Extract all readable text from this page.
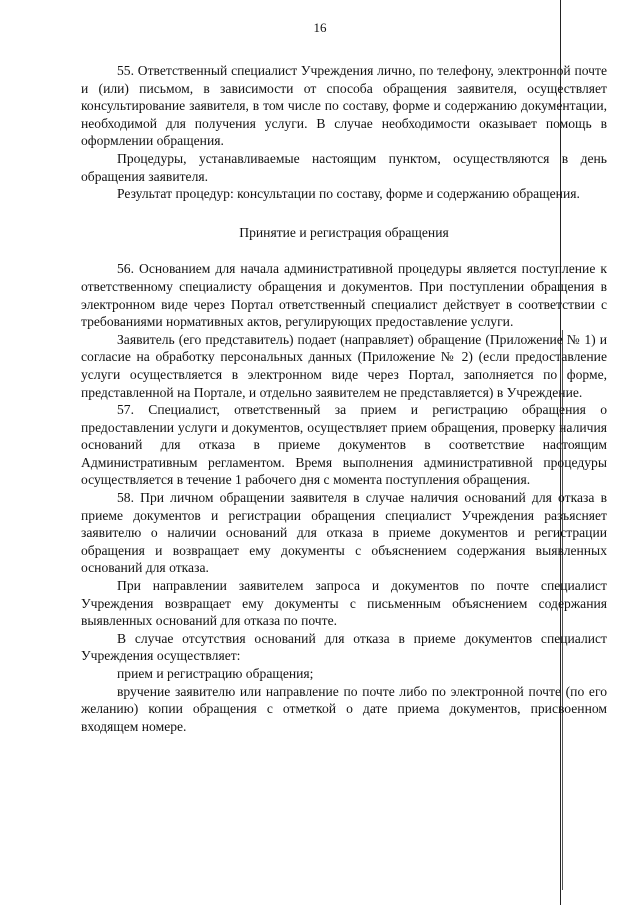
16

55. Ответственный специалист Учреждения лично, по телефону, электронной почте и (или) письмом, в зависимости от способа обращения заявителя, осуществляет консультирование заявителя, в том числе по составу, форме и содержанию документации, необходимой для получения услуги. В случае необходимости оказывает помощь в оформлении обращения.

Процедуры, устанавливаемые настоящим пунктом, осуществляются в день обращения заявителя.

Результат процедур: консультации по составу, форме и содержанию обращения.

Принятие и регистрация обращения

56. Основанием для начала административной процедуры является поступление к ответственному специалисту обращения и документов. При поступлении обращения в электронном виде через Портал ответственный специалист действует в соответствии с требованиями нормативных актов, регулирующих предоставление услуги.

Заявитель (его представитель) подает (направляет) обращение (Приложение № 1) и согласие на обработку персональных данных (Приложение № 2) (если предоставление услуги осуществляется в электронном виде через Портал, заполняется по форме, представленной на Портале, и отдельно заявителем не представляется) в Учреждение.

57. Специалист, ответственный за прием и регистрацию обращения о предоставлении услуги и документов, осуществляет прием обращения, проверку наличия оснований для отказа в приеме документов в соответствие настоящим Административным регламентом. Время выполнения административной процедуры осуществляется в течение 1 рабочего дня с момента поступления обращения.

58. При личном обращении заявителя в случае наличия оснований для отказа в приеме документов и регистрации обращения специалист Учреждения разъясняет заявителю о наличии оснований для отказа в приеме документов и регистрации обращения и возвращает ему документы с объяснением содержания выявленных оснований для отказа.

При направлении заявителем запроса и документов по почте специалист Учреждения возвращает ему документы с письменным объяснением содержания выявленных оснований для отказа по почте.

В случае отсутствия оснований для отказа в приеме документов специалист Учреждения осуществляет:

прием и регистрацию обращения;

вручение заявителю или направление по почте либо по электронной почте (по его желанию) копии обращения с отметкой о дате приема документов, присвоенном входящем номере.
